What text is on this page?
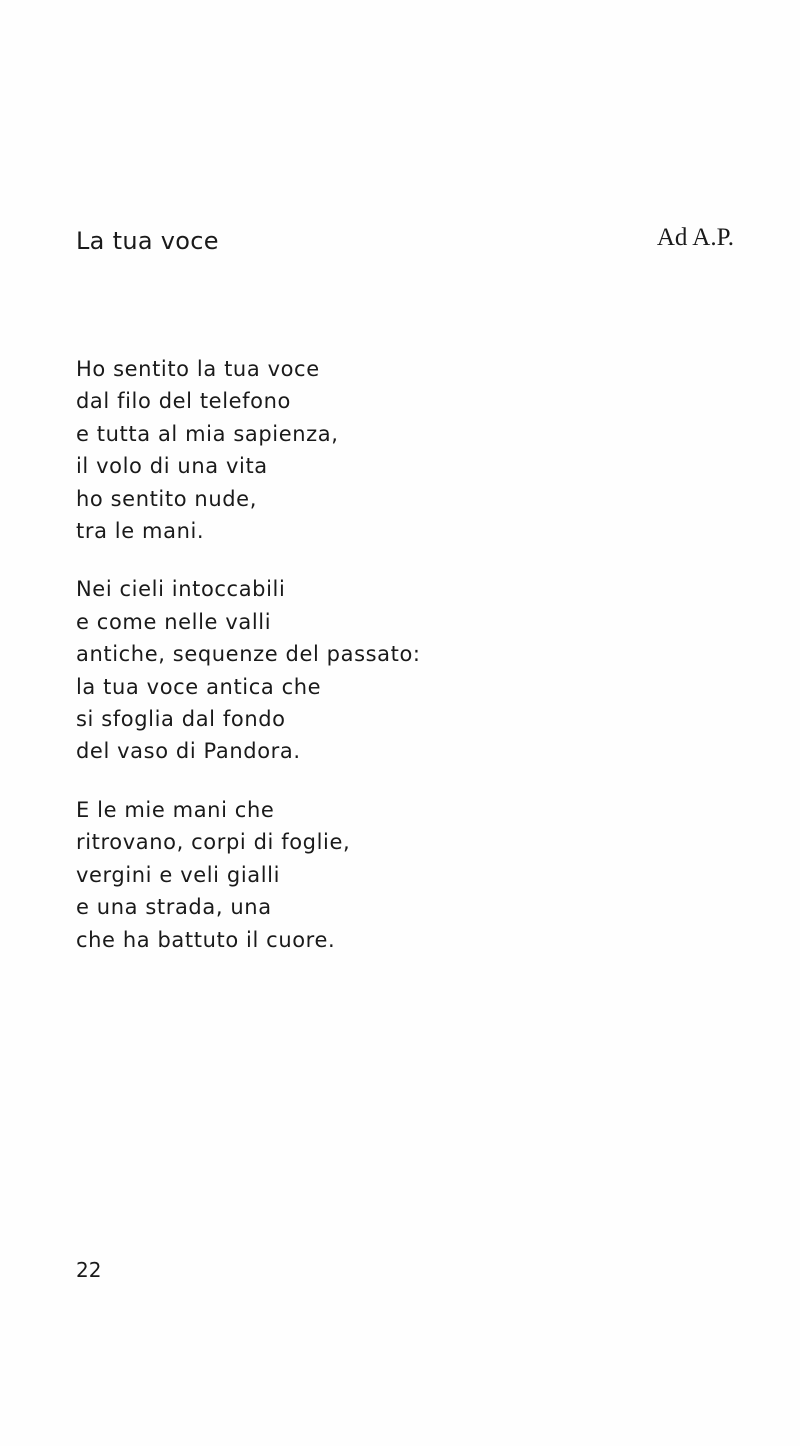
La tua voce	Ad A.P.
Ho sentito la tua voce
dal filo del telefono
e tutta al mia sapienza,
il volo di una vita
ho sentito nude,
tra le mani.
Nei cieli intoccabili
e come nelle valli
antiche, sequenze del passato:
la tua voce antica che
si sfoglia dal fondo
del vaso di Pandora.
E le mie mani che
ritrovano, corpi di foglie,
vergini e veli gialli
e una strada, una
che ha battuto il cuore.
22
